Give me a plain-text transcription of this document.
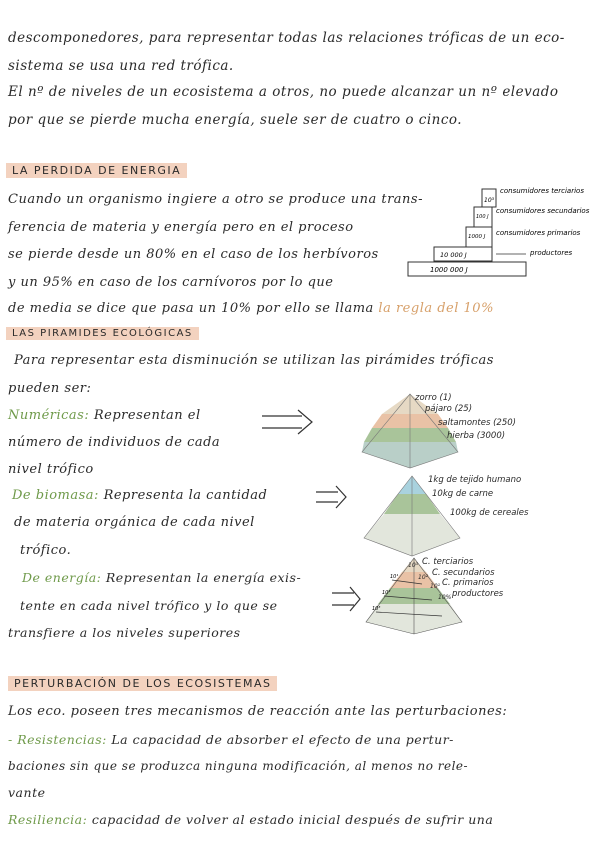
descomponedores, para representar todas las relaciones tróficas de un eco-
sistema se usa una red trófica.
El nº de niveles de un ecosistema a otros, no puede alcanzar un nº elevado
por que se pierde mucha energía, suele ser de cuatro o cinco.
LA PERDIDA DE ENERGIA
Cuando un organismo ingiere a otro se produce una trans-
ferencia de materia y energía pero en el proceso
se pierde desde un 80% en el caso de los herbívoros
y un 95% en caso de los carnívoros por lo que
de media se dice que pasa un 10% por ello se llama la regla del 10%
10³
100 J
1000 J
10 000 J
1000 000 J
consumidores terciarios
consumidores secundarios
consumidores primarios
productores
LAS PIRAMIDES ECOLÓGICAS
Para representar esta disminución se utilizan las pirámides tróficas
pueden ser:
Numéricas: Representan el
número de individuos de cada
nivel trófico
De biomasa: Representa la cantidad
de materia orgánica de cada nivel
trófico.
De energía: Representan la energía exis-
tente en cada nivel trófico y lo que se
transfiere a los niveles superiores
zorro (1)
pájaro (25)
saltamontes (250)
hierba (3000)
1kg de tejido humano
10kg de carne
100kg de cereales
10¹
10²
10³
10³
10²
10¹
10%
C. terciarios
C. secundarios
C. primarios
productores
PERTURBACIÓN DE LOS ECOSISTEMAS
Los eco. poseen tres mecanismos de reacción ante las perturbaciones:
- Resistencias: La capacidad de absorber el efecto de una pertur-
baciones sin que se produzca ninguna modificación, al menos no rele-
vante
Resiliencia: capacidad de volver al estado inicial después de sufrir una
